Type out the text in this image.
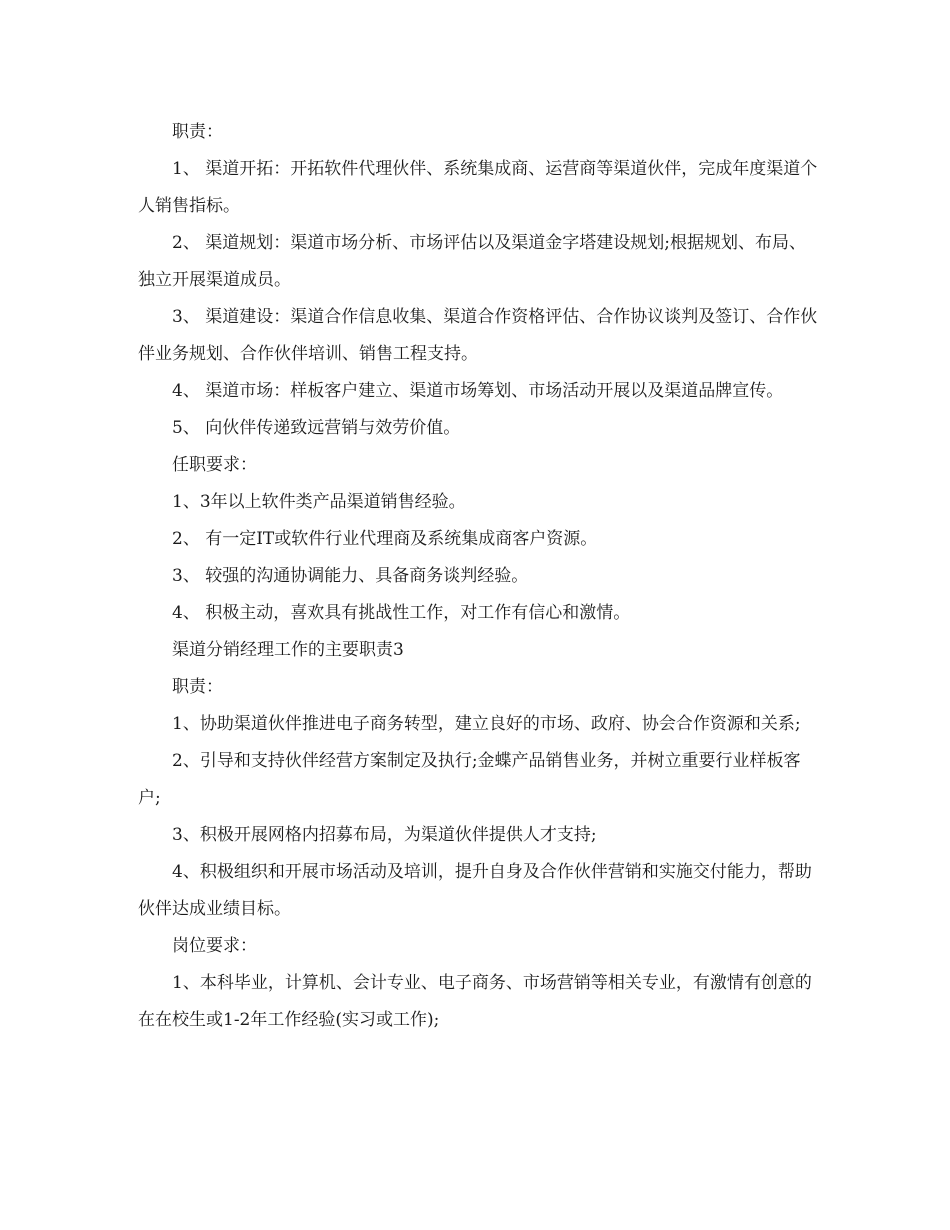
职责：

1、 渠道开拓：开拓软件代理伙伴、系统集成商、运营商等渠道伙伴，完成年度渠道个人销售指标。

2、 渠道规划：渠道市场分析、市场评估以及渠道金字塔建设规划;根据规划、布局、独立开展渠道成员。

3、 渠道建设：渠道合作信息收集、渠道合作资格评估、合作协议谈判及签订、合作伙伴业务规划、合作伙伴培训、销售工程支持。

4、 渠道市场：样板客户建立、渠道市场筹划、市场活动开展以及渠道品牌宣传。

5、 向伙伴传递致远营销与效劳价值。

任职要求：

1、3年以上软件类产品渠道销售经验。

2、 有一定IT或软件行业代理商及系统集成商客户资源。

3、 较强的沟通协调能力、具备商务谈判经验。

4、 积极主动，喜欢具有挑战性工作，对工作有信心和激情。

渠道分销经理工作的主要职责3

职责：

1、协助渠道伙伴推进电子商务转型，建立良好的市场、政府、协会合作资源和关系;

2、引导和支持伙伴经营方案制定及执行;金蝶产品销售业务，并树立重要行业样板客户;

3、积极开展网格内招募布局，为渠道伙伴提供人才支持;

4、积极组织和开展市场活动及培训，提升自身及合作伙伴营销和实施交付能力，帮助伙伴达成业绩目标。

岗位要求：

1、本科毕业，计算机、会计专业、电子商务、市场营销等相关专业，有激情有创意的在在校生或1-2年工作经验(实习或工作);
